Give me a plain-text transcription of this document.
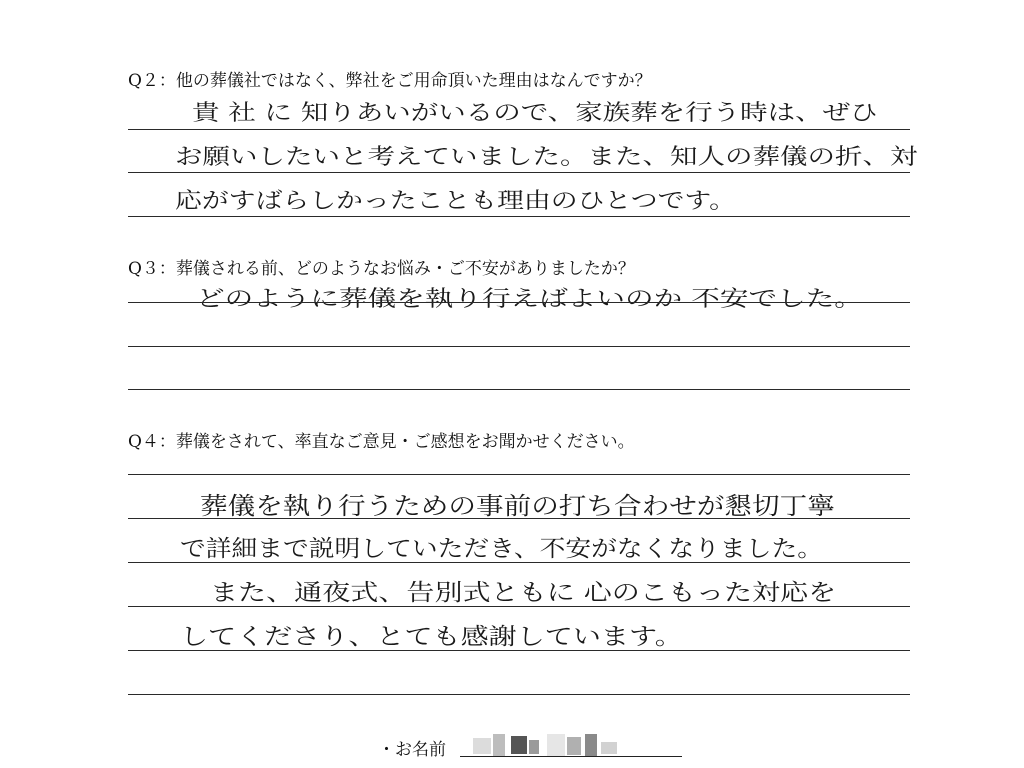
Q２：他の葬儀社ではなく、弊社をご用命頂いた理由はなんですか？
貴 社 に 知りあいがいるので、家族葬を行う時は、ぜひ
お願いしたいと考えていました。また、知人の葬儀の折、対
応がすばらしかったことも理由のひとつです。
Q３：葬儀される前、どのようなお悩み・ご不安がありましたか？
どのように葬儀を執り行えばよいのか 不安でした。
Q４：葬儀をされて、率直なご意見・ご感想をお聞かせください。
葬儀を執り行うための事前の打ち合わせが懇切丁寧
で詳細まで説明していただき、不安がなくなりました。
また、通夜式、告別式ともに 心のこもった対応を
してくださり、とても感謝しています。
・お名前
